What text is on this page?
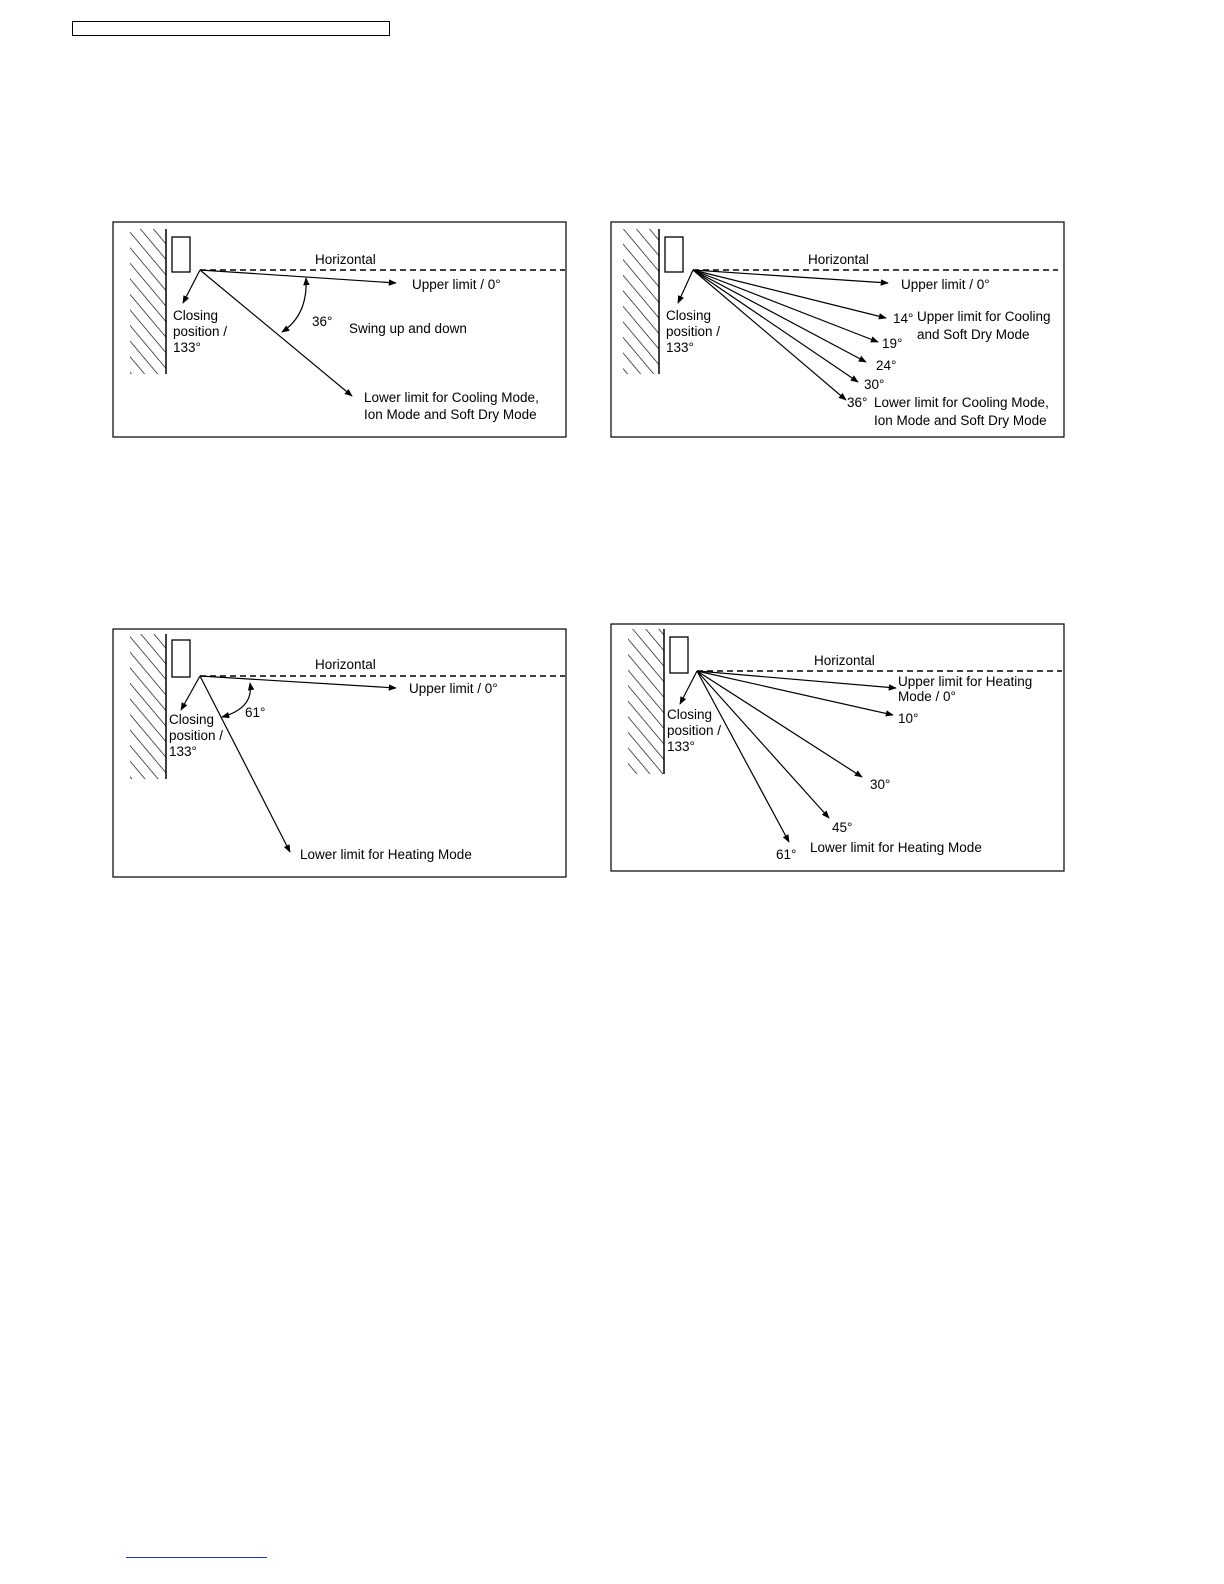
Horizontal
Upper limit / 0°
Closing
position /
133°
36° Swing up and down
Lower limit for Cooling Mode,
Ion Mode and Soft Dry Mode
Horizontal
Upper limit / 0°
Closing
position /
133°
14°
19°
24°
30°
36°
Upper limit for Cooling
and Soft Dry Mode
Lower limit for Cooling Mode,
Ion Mode and Soft Dry Mode
Horizontal
Upper limit / 0°
Closing
position /
133°
61°
Lower limit for Heating Mode
Horizontal
Upper limit for Heating
Mode / 0°
Closing
position /
133°
10°
30°
45°
61° Lower limit for Heating Mode
